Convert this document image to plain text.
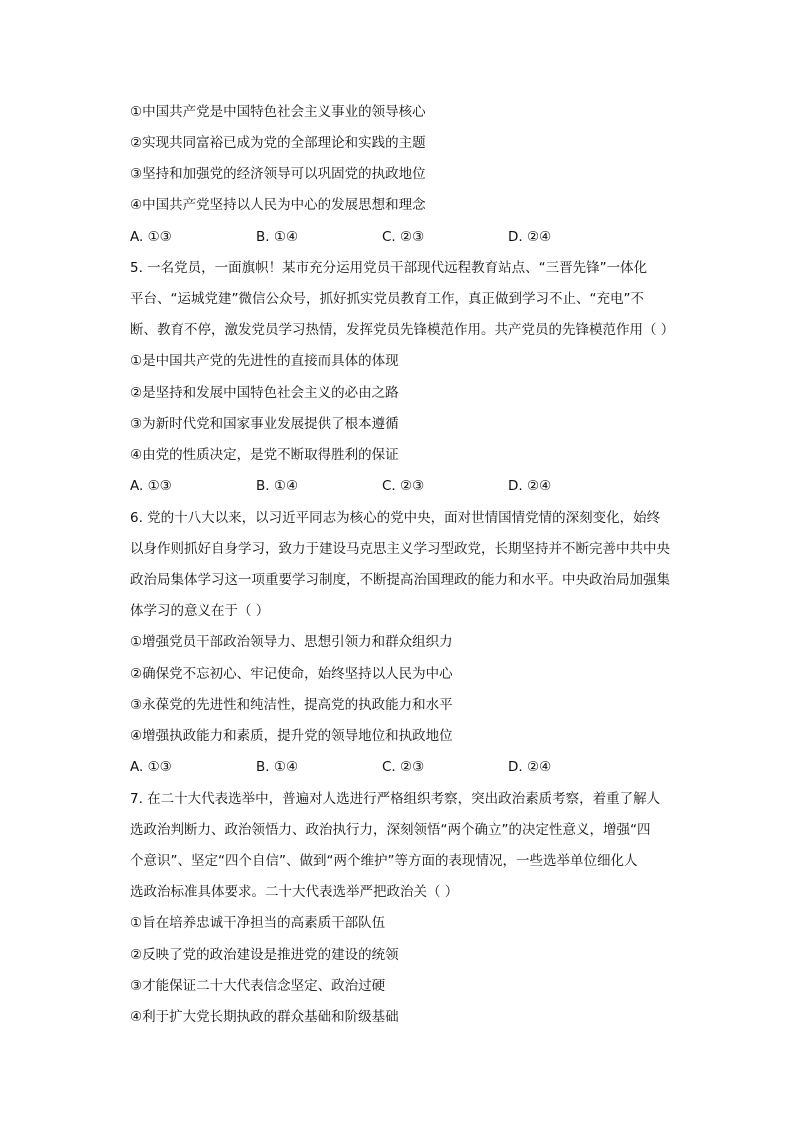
①中国共产党是中国特色社会主义事业的领导核心
②实现共同富裕已成为党的全部理论和实践的主题
③坚持和加强党的经济领导可以巩固党的执政地位
④中国共产党坚持以人民为中心的发展思想和理念
A. ①③	B. ①④	C. ②③	D. ②④
5. 一名党员，一面旗帜！某市充分运用党员干部现代远程教育站点、“三晋先锋”一体化
平台、“运城党建”微信公众号，抓好抓实党员教育工作，真正做到学习不止、“充电”不
断、教育不停，激发党员学习热情，发挥党员先锋模范作用。共产党员的先锋模范作用（ ）
①是中国共产党的先进性的直接而具体的体现
②是坚持和发展中国特色社会主义的必由之路
③为新时代党和国家事业发展提供了根本遵循
④由党的性质决定，是党不断取得胜利的保证
A. ①③	B. ①④	C. ②③	D. ②④
6. 党的十八大以来，以习近平同志为核心的党中央，面对世情国情党情的深刻变化，始终
以身作则抓好自身学习，致力于建设马克思主义学习型政党，长期坚持并不断完善中共中央
政治局集体学习这一项重要学习制度，不断提高治国理政的能力和水平。中央政治局加强集
体学习的意义在于（ ）
①增强党员干部政治领导力、思想引领力和群众组织力
②确保党不忘初心、牢记使命，始终坚持以人民为中心
③永葆党的先进性和纯洁性，提高党的执政能力和水平
④增强执政能力和素质，提升党的领导地位和执政地位
A. ①③	B. ①④	C. ②③	D. ②④
7. 在二十大代表选举中，普遍对人选进行严格组织考察，突出政治素质考察，着重了解人
选政治判断力、政治领悟力、政治执行力，深刻领悟“两个确立”的决定性意义，增强“四
个意识”、坚定“四个自信”、做到“两个维护”等方面的表现情况，一些选举单位细化人
选政治标准具体要求。二十大代表选举严把政治关（ ）
①旨在培养忠诚干净担当的高素质干部队伍
②反映了党的政治建设是推进党的建设的统领
③才能保证二十大代表信念坚定、政治过硬
④利于扩大党长期执政的群众基础和阶级基础
